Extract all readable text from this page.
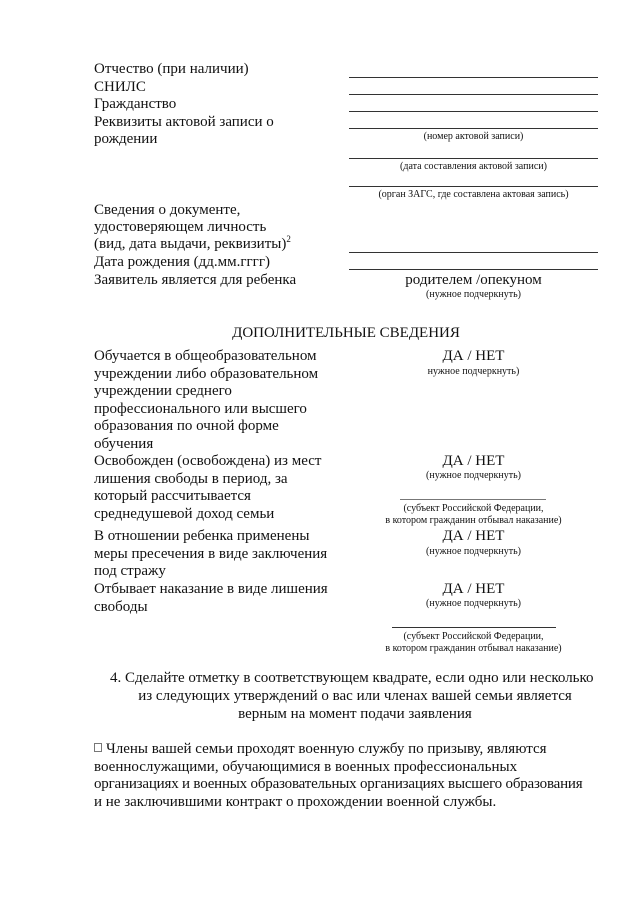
Отчество (при наличии)
СНИЛС
Гражданство
Реквизиты актовой записи о
рождении	(номер актовой записи)
(дата составления актовой записи)
(орган ЗАГС, где составлена актовая запись)
Сведения о документе,
удостоверяющем личность
(вид, дата выдачи, реквизиты)$^2$
Дата рождения (дд.мм.гггг)
Заявитель является для ребенка	родителем /опекуном
(нужное подчеркнуть)
ДОПОЛНИТЕЛЬНЫЕ СВЕДЕНИЯ
Обучается в общеобразовательном
учреждении либо образовательном
учреждении среднего
профессионального или высшего
образования по очной форме
обучения
ДА / НЕТ
нужное подчеркнуть)
Освобожден (освобождена) из мест
лишения свободы в период, за
который рассчитывается
среднедушевой доход семьи
ДА / НЕТ
(нужное подчеркнуть)
(субъект Российской Федерации,
в котором гражданин отбывал наказание)
В отношении ребенка применены
меры пресечения в виде заключения
под стражу
ДА / НЕТ
(нужное подчеркнуть)
Отбывает наказание в виде лишения
свободы
ДА / НЕТ
(нужное подчеркнуть)
(субъект Российской Федерации,
в котором гражданин отбывал наказание)
4. Сделайте отметку в соответствующем квадрате, если одно или несколько
из следующих утверждений о вас или членах вашей семьи является
верным на момент подачи заявления
Члены вашей семьи проходят военную службу по призыву, являются
военнослужащими, обучающимися в военных профессиональных
организациях и военных образовательных организациях высшего образования
и не заключившими контракт о прохождении военной службы.
